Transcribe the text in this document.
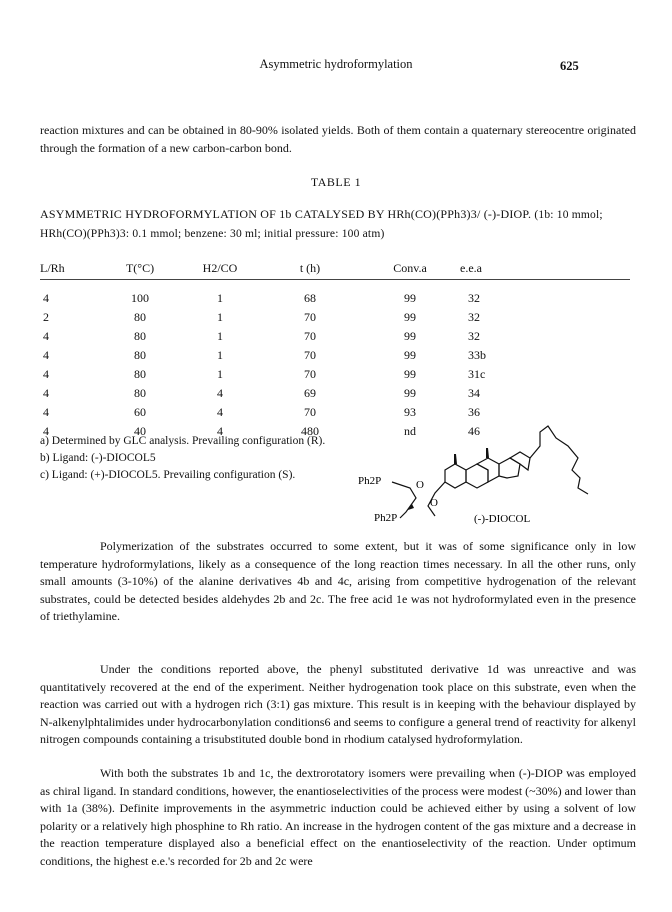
Asymmetric hydroformylation	625
reaction mixtures and can be obtained in 80-90% isolated yields. Both of them contain a quaternary stereocentre originated through the formation of a new carbon-carbon bond.
TABLE 1
ASYMMETRIC HYDROFORMYLATION OF 1b CATALYSED BY HRh(CO)(PPh3)3/ (-)-DIOP. (1b: 10 mmol; HRh(CO)(PPh3)3: 0.1 mmol; benzene: 30 ml; initial pressure: 100 atm)
L/Rh	T(°C)	H2/CO	t (h)	Conv.a	e.e.a
4	100	1	68	99	32
2	80	1	70	99	32
4	80	1	70	99	32
4	80	1	70	99	33b
4	80	1	70	99	31c
4	80	4	69	99	34
4	60	4	70	93	36
4	40	4	480	nd	46
a) Determined by GLC analysis. Prevailing configuration (R).
b) Ligand: (-)-DIOCOL5
c) Ligand: (+)-DIOCOL5. Prevailing configuration (S).	Ph2P
Ph2P
O
O
(-)-DIOCOL
Polymerization of the substrates occurred to some extent, but it was of some significance only in low temperature hydroformylations, likely as a consequence of the long reaction times necessary. In all the other runs, only small amounts (3-10%) of the alanine derivatives 4b and 4c, arising from competitive hydrogenation of the relevant substrates, could be detected besides aldehydes 2b and 2c. The free acid 1e was not hydroformylated even in the presence of triethylamine.
Under the conditions reported above, the phenyl substituted derivative 1d was unreactive and was quantitatively recovered at the end of the experiment. Neither hydrogenation took place on this substrate, even when the reaction was carried out with a hydrogen rich (3:1) gas mixture. This result is in keeping with the behaviour displayed by N-alkenylphtalimides under hydrocarbonylation conditions6 and seems to configure a general trend of reactivity for alkenyl nitrogen compounds containing a trisubstituted double bond in rhodium catalysed hydroformylation.
With both the substrates 1b and 1c, the dextrorotatory isomers were prevailing when (-)-DIOP was employed as chiral ligand. In standard conditions, however, the enantioselectivities of the process were modest (~30%) and lower than with 1a (38%). Definite improvements in the asymmetric induction could be achieved either by using a solvent of low polarity or a relatively high phosphine to Rh ratio. An increase in the hydrogen content of the gas mixture and a decrease in the reaction temperature displayed also a beneficial effect on the enantioselectivity of the reaction. Under optimum conditions, the highest e.e.'s recorded for 2b and 2c were
